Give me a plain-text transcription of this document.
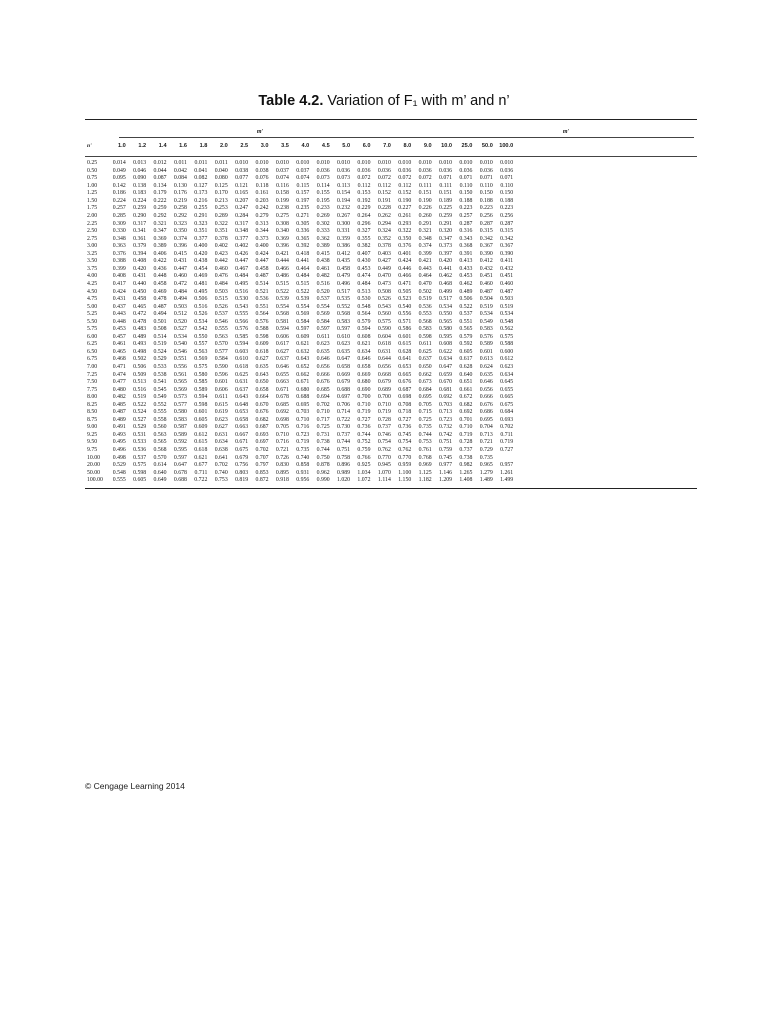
Table 4.2. Variation of F₁ with m’ and n’
m'	m'
n'	1.0	1.2	1.4	1.6	1.8	2.0	2.5	3.0	3.5	4.0	4.5	5.0	6.0	7.0	8.0	9.0	10.0	25.0	50.0	100.0
0.25	0.014	0.013	0.012	0.011	0.011	0.011	0.010	0.010	0.010	0.010	0.010	0.010	0.010	0.010	0.010	0.010	0.010	0.010	0.010	0.010
0.50	0.049	0.046	0.044	0.042	0.041	0.040	0.038	0.038	0.037	0.037	0.036	0.036	0.036	0.036	0.036	0.036	0.036	0.036	0.036	0.036
0.75	0.095	0.090	0.087	0.084	0.082	0.080	0.077	0.076	0.074	0.074	0.073	0.073	0.072	0.072	0.072	0.072	0.071	0.071	0.071	0.071
1.00	0.142	0.138	0.134	0.130	0.127	0.125	0.121	0.118	0.116	0.115	0.114	0.113	0.112	0.112	0.112	0.111	0.111	0.110	0.110	0.110
1.25	0.186	0.183	0.179	0.176	0.173	0.170	0.165	0.161	0.158	0.157	0.155	0.154	0.153	0.152	0.152	0.151	0.151	0.150	0.150	0.150
1.50	0.224	0.224	0.222	0.219	0.216	0.213	0.207	0.203	0.199	0.197	0.195	0.194	0.192	0.191	0.190	0.190	0.189	0.188	0.188	0.188
1.75	0.257	0.259	0.259	0.258	0.255	0.253	0.247	0.242	0.238	0.235	0.233	0.232	0.229	0.228	0.227	0.226	0.225	0.223	0.223	0.223
2.00	0.285	0.290	0.292	0.292	0.291	0.289	0.284	0.279	0.275	0.271	0.269	0.267	0.264	0.262	0.261	0.260	0.259	0.257	0.256	0.256
2.25	0.309	0.317	0.321	0.323	0.323	0.322	0.317	0.313	0.308	0.305	0.302	0.300	0.296	0.294	0.293	0.291	0.291	0.287	0.287	0.287
2.50	0.330	0.341	0.347	0.350	0.351	0.351	0.348	0.344	0.340	0.336	0.333	0.331	0.327	0.324	0.322	0.321	0.320	0.316	0.315	0.315
2.75	0.348	0.361	0.369	0.374	0.377	0.378	0.377	0.373	0.369	0.365	0.362	0.359	0.355	0.352	0.350	0.348	0.347	0.343	0.342	0.342
3.00	0.363	0.379	0.389	0.396	0.400	0.402	0.402	0.400	0.396	0.392	0.389	0.386	0.382	0.378	0.376	0.374	0.373	0.368	0.367	0.367
3.25	0.376	0.394	0.406	0.415	0.420	0.423	0.426	0.424	0.421	0.418	0.415	0.412	0.407	0.403	0.401	0.399	0.397	0.391	0.390	0.390
3.50	0.388	0.408	0.422	0.431	0.438	0.442	0.447	0.447	0.444	0.441	0.438	0.435	0.430	0.427	0.424	0.421	0.420	0.413	0.412	0.411
3.75	0.399	0.420	0.436	0.447	0.454	0.460	0.467	0.458	0.466	0.464	0.461	0.458	0.453	0.449	0.446	0.443	0.441	0.433	0.432	0.432
4.00	0.408	0.431	0.448	0.460	0.469	0.476	0.484	0.487	0.486	0.484	0.482	0.479	0.474	0.470	0.466	0.464	0.462	0.453	0.451	0.451
4.25	0.417	0.440	0.458	0.472	0.481	0.484	0.495	0.514	0.515	0.515	0.516	0.496	0.484	0.473	0.471	0.470	0.468	0.462	0.460	0.460
4.50	0.424	0.450	0.469	0.484	0.495	0.503	0.516	0.521	0.522	0.522	0.520	0.517	0.513	0.508	0.505	0.502	0.499	0.489	0.487	0.487
4.75	0.431	0.458	0.478	0.494	0.506	0.515	0.530	0.536	0.539	0.539	0.537	0.535	0.530	0.526	0.523	0.519	0.517	0.506	0.504	0.503
5.00	0.437	0.465	0.487	0.503	0.516	0.526	0.543	0.551	0.554	0.554	0.554	0.552	0.548	0.543	0.540	0.536	0.534	0.522	0.519	0.519
5.25	0.443	0.472	0.494	0.512	0.526	0.537	0.555	0.564	0.568	0.569	0.569	0.568	0.564	0.560	0.556	0.553	0.550	0.537	0.534	0.534
5.50	0.448	0.478	0.501	0.520	0.534	0.546	0.566	0.576	0.581	0.584	0.584	0.583	0.579	0.575	0.571	0.568	0.565	0.551	0.549	0.548
5.75	0.453	0.483	0.508	0.527	0.542	0.555	0.576	0.588	0.594	0.597	0.597	0.597	0.594	0.590	0.586	0.583	0.580	0.565	0.583	0.562
6.00	0.457	0.489	0.514	0.534	0.550	0.563	0.585	0.598	0.606	0.609	0.611	0.610	0.608	0.604	0.601	0.598	0.595	0.579	0.576	0.575
6.25	0.461	0.493	0.519	0.540	0.557	0.570	0.594	0.609	0.617	0.621	0.623	0.623	0.621	0.618	0.615	0.611	0.608	0.592	0.589	0.588
6.50	0.465	0.498	0.524	0.546	0.563	0.577	0.603	0.618	0.627	0.632	0.635	0.635	0.634	0.631	0.628	0.625	0.622	0.605	0.601	0.600
6.75	0.468	0.502	0.529	0.551	0.569	0.584	0.610	0.627	0.637	0.643	0.646	0.647	0.646	0.644	0.641	0.637	0.634	0.617	0.613	0.612
7.00	0.471	0.506	0.533	0.556	0.575	0.590	0.618	0.635	0.646	0.652	0.656	0.658	0.658	0.656	0.653	0.650	0.647	0.628	0.624	0.623
7.25	0.474	0.509	0.538	0.561	0.580	0.596	0.625	0.643	0.655	0.662	0.666	0.669	0.669	0.668	0.665	0.662	0.659	0.640	0.635	0.634
7.50	0.477	0.513	0.541	0.565	0.585	0.601	0.631	0.650	0.663	0.671	0.676	0.679	0.680	0.679	0.676	0.673	0.670	0.651	0.646	0.645
7.75	0.480	0.516	0.545	0.569	0.589	0.606	0.637	0.658	0.671	0.680	0.685	0.688	0.690	0.689	0.687	0.684	0.681	0.661	0.656	0.655
8.00	0.482	0.519	0.549	0.573	0.594	0.611	0.643	0.664	0.678	0.688	0.694	0.697	0.700	0.700	0.698	0.695	0.692	0.672	0.666	0.665
8.25	0.485	0.522	0.552	0.577	0.598	0.615	0.648	0.670	0.685	0.695	0.702	0.706	0.710	0.710	0.708	0.705	0.703	0.682	0.676	0.675
8.50	0.487	0.524	0.555	0.580	0.601	0.619	0.653	0.676	0.692	0.703	0.710	0.714	0.719	0.719	0.718	0.715	0.713	0.692	0.686	0.684
8.75	0.489	0.527	0.558	0.583	0.605	0.623	0.658	0.682	0.698	0.710	0.717	0.722	0.727	0.728	0.727	0.725	0.723	0.701	0.695	0.693
9.00	0.491	0.529	0.560	0.587	0.609	0.627	0.663	0.687	0.705	0.716	0.725	0.730	0.736	0.737	0.736	0.735	0.732	0.710	0.704	0.702
9.25	0.493	0.531	0.563	0.589	0.612	0.631	0.667	0.693	0.710	0.723	0.731	0.737	0.744	0.746	0.745	0.744	0.742	0.719	0.713	0.711
9.50	0.495	0.533	0.565	0.592	0.615	0.634	0.671	0.697	0.716	0.719	0.738	0.744	0.752	0.754	0.754	0.753	0.751	0.728	0.721	0.719
9.75	0.496	0.536	0.568	0.595	0.618	0.638	0.675	0.702	0.721	0.735	0.744	0.751	0.759	0.762	0.762	0.761	0.759	0.737	0.729	0.727
10.00	0.498	0.537	0.570	0.597	0.621	0.641	0.679	0.707	0.726	0.740	0.750	0.758	0.766	0.770	0.770	0.768	0.745	0.738	0.735
20.00	0.529	0.575	0.614	0.647	0.677	0.702	0.756	0.797	0.830	0.858	0.878	0.896	0.925	0.945	0.959	0.969	0.977	0.982	0.965	0.957
50.00	0.548	0.598	0.640	0.678	0.711	0.740	0.803	0.853	0.895	0.931	0.962	0.989	1.034	1.070	1.100	1.125	1.146	1.265	1.279	1.261
100.00	0.555	0.605	0.649	0.688	0.722	0.753	0.819	0.872	0.918	0.956	0.990	1.020	1.072	1.114	1.150	1.182	1.209	1.408	1.489	1.499
© Cengage Learning 2014
